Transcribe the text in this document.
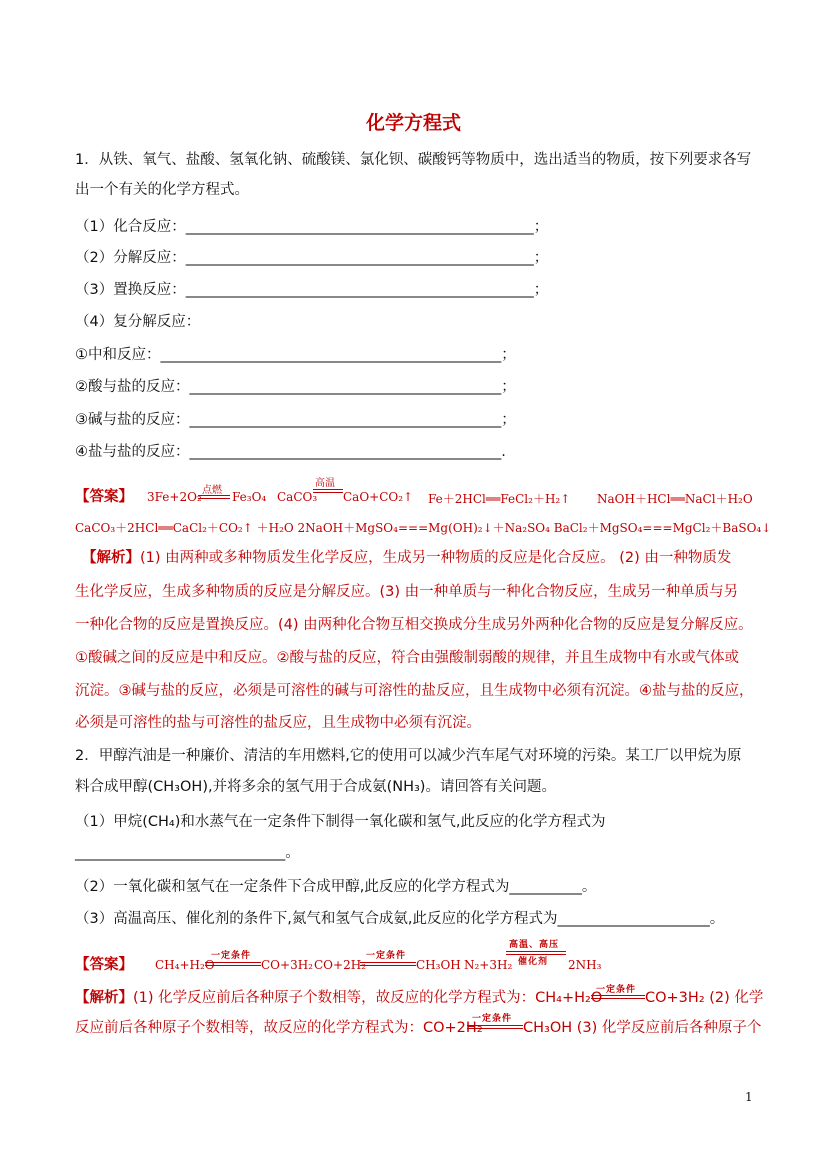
化学方程式
1．从铁、氧气、盐酸、氢氧化钠、硫酸镁、氯化钡、碳酸钙等物质中，选出适当的物质，按下列要求各写
出一个有关的化学方程式。
（1）化合反应：________________________________________________；
（2）分解反应：________________________________________________；
（3）置换反应：________________________________________________；
（4）复分解反应：
①中和反应：_______________________________________________；
②酸与盐的反应：___________________________________________；
③碱与盐的反应：___________________________________________；
④盐与盐的反应：___________________________________________.
【答案】 3Fe+2O₂ 点燃 Fe₃O₄ CaCO₃
高温
CaO+CO₂↑ Fe＋2HCl══FeCl₂＋H₂↑ NaOH＋HCl══NaCl＋H₂O
CaCO₃＋2HCl══CaCl₂＋CO₂↑ ＋H₂O 2NaOH＋MgSO₄===Mg(OH)₂↓＋Na₂SO₄ BaCl₂＋MgSO₄===MgCl₂＋BaSO₄↓
【解析】 (1) 由两种或多种物质发生化学反应，生成另一种物质的反应是化合反应。 (2) 由一种物质发
生化学反应，生成多种物质的反应是分解反应。(3) 由一种单质与一种化合物反应，生成另一种单质与另
一种化合物的反应是置换反应。(4) 由两种化合物互相交换成分生成另外两种化合物的反应是复分解反应。
①酸碱之间的反应是中和反应。②酸与盐的反应，符合由强酸制弱酸的规律，并且生成物中有水或气体或
沉淀。③碱与盐的反应，必须是可溶性的碱与可溶性的盐反应，且生成物中必须有沉淀。④盐与盐的反应，
必须是可溶性的盐与可溶性的盐反应，且生成物中必须有沉淀。
2．甲醇汽油是一种廉价、清洁的车用燃料,它的使用可以减少汽车尾气对环境的污染。某工厂以甲烷为原
料合成甲醇(CH₃OH),并将多余的氢气用于合成氨(NH₃)。请回答有关问题。
（1）甲烷(CH₄)和水蒸气在一定条件下制得一氧化碳和氢气,此反应的化学方程式为
_____________________________。
（2）一氧化碳和氢气在一定条件下合成甲醇,此反应的化学方程式为__________。
（3）高温高压、催化剂的条件下,氮气和氢气合成氨,此反应的化学方程式为_____________________。
【答案】 CH₄+H₂O
一定条件
CO+3H₂ CO+2H₂
一定条件
CH₃OH N₂+3H₂
高温、高压
催化剂 2NH₃
【解析】 (1) 化学反应前后各种原子个数相等，故反应的化学方程式为：CH₄+H₂O
一定条件 CO+3H₂ (2) 化学
反应前后各种原子个数相等，故反应的化学方程式为：CO+2H₂
一定条件
CH₃OH (3) 化学反应前后各种原子个
1
